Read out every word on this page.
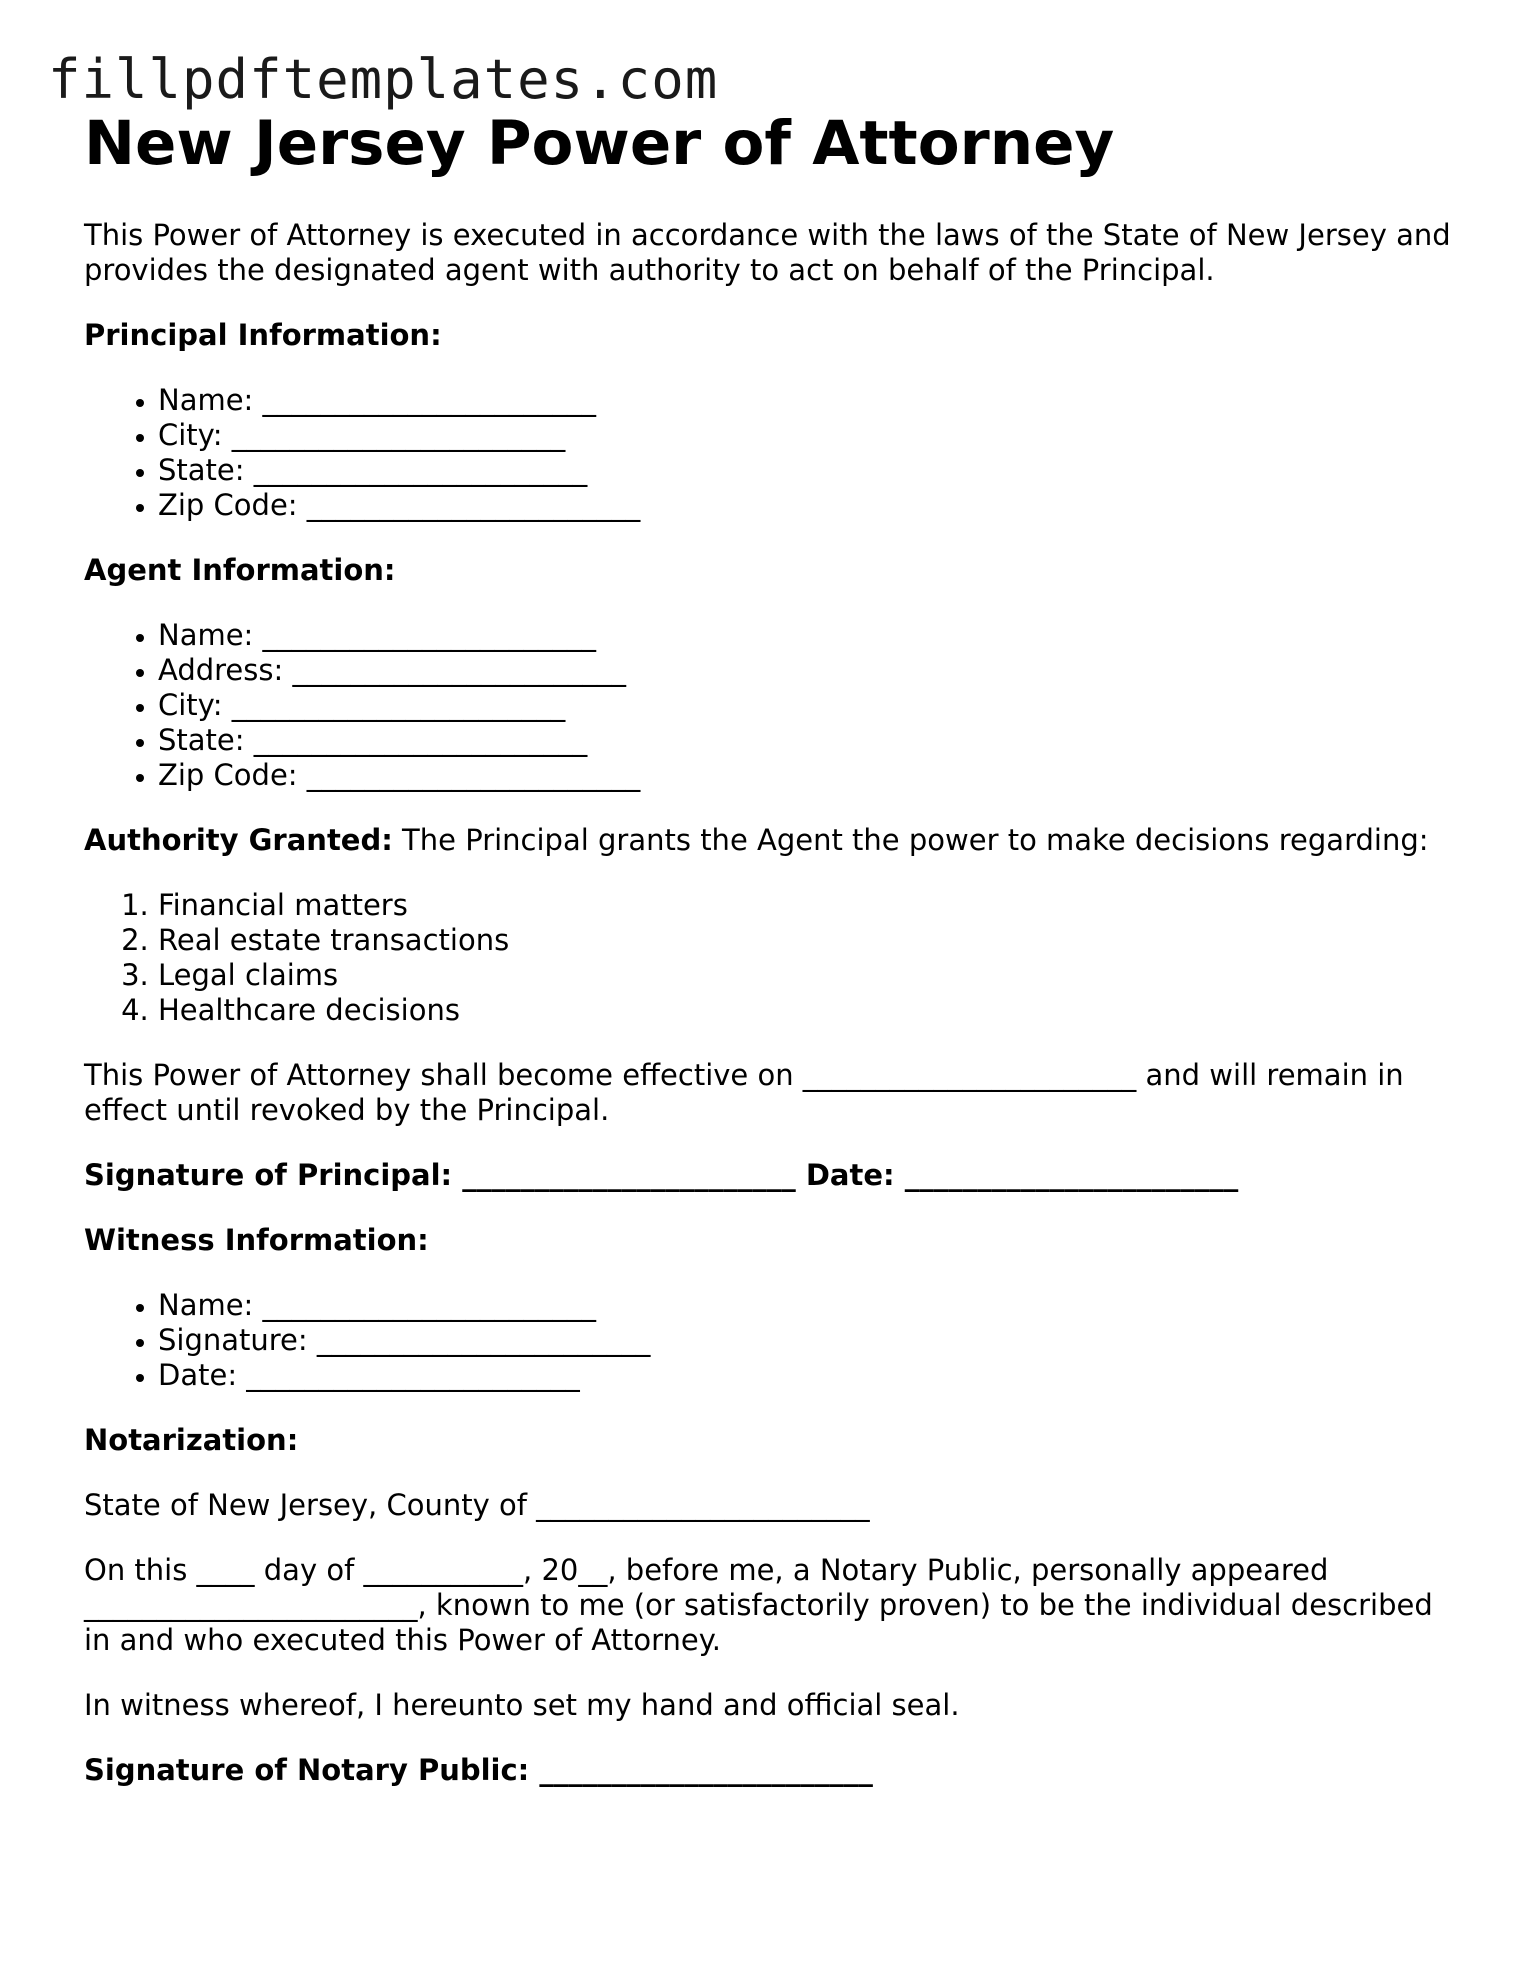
fillpdftemplates.com
New Jersey Power of Attorney

This Power of Attorney is executed in accordance with the laws of the State of New Jersey and provides the designated agent with authority to act on behalf of the Principal.

Principal Information:

• Name: _______________________
• City: _______________________
• State: _______________________
• Zip Code: _______________________

Agent Information:

• Name: _______________________
• Address: _______________________
• City: _______________________
• State: _______________________
• Zip Code: _______________________

Authority Granted: The Principal grants the Agent the power to make decisions regarding:

1. Financial matters
2. Real estate transactions
3. Legal claims
4. Healthcare decisions

This Power of Attorney shall become effective on _______________________ and will remain in effect until revoked by the Principal.

Signature of Principal: _______________________ Date: _______________________

Witness Information:

• Name: _______________________
• Signature: _______________________
• Date: _______________________

Notarization:

State of New Jersey, County of _______________________

On this ____ day of ___________, 20__, before me, a Notary Public, personally appeared _______________________, known to me (or satisfactorily proven) to be the individual described in and who executed this Power of Attorney.

In witness whereof, I hereunto set my hand and official seal.

Signature of Notary Public: _______________________
